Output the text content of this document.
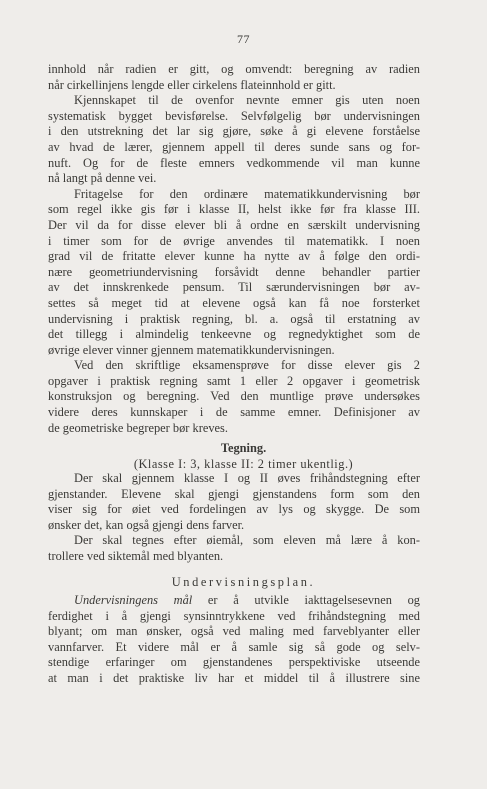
77
innhold når radien er gitt, og omvendt: beregning av radien
når cirkellinjens lengde eller cirkelens flateinnhold er gitt.
Kjennskapet til de ovenfor nevnte emner gis uten noen
systematisk bygget bevisførelse. Selvfølgelig bør undervisningen
i den utstrekning det lar sig gjøre, søke å gi elevene forståelse
av hvad de lærer, gjennem appell til deres sunde sans og for-
nuft. Og for de fleste emners vedkommende vil man kunne
nå langt på denne vei.
Fritagelse for den ordinære matematikkundervisning bør
som regel ikke gis før i klasse II, helst ikke før fra klasse III.
Der vil da for disse elever bli å ordne en særskilt undervisning
i timer som for de øvrige anvendes til matematikk. I noen
grad vil de fritatte elever kunne ha nytte av å følge den ordi-
nære geometriundervisning forsåvidt denne behandler partier
av det innskrenkede pensum. Til særundervisningen bør av-
settes så meget tid at elevene også kan få noe forsterket
undervisning i praktisk regning, bl. a. også til erstatning av
det tillegg i almindelig tenkeevne og regnedyktighet som de
øvrige elever vinner gjennem matematikkundervisningen.
Ved den skriftlige eksamensprøve for disse elever gis 2
opgaver i praktisk regning samt 1 eller 2 opgaver i geometrisk
konstruksjon og beregning. Ved den muntlige prøve undersøkes
videre deres kunnskaper i de samme emner. Definisjoner av
de geometriske begreper bør kreves.
Tegning.
(Klasse I: 3, klasse II: 2 timer ukentlig.)
Der skal gjennem klasse I og II øves frihåndstegning efter
gjenstander. Elevene skal gjengi gjenstandens form som den
viser sig for øiet ved fordelingen av lys og skygge. De som
ønsker det, kan også gjengi dens farver.
Der skal tegnes efter øiemål, som eleven må lære å kon-
trollere ved siktemål med blyanten.
Undervisningsplan.
Undervisningens mål er å utvikle iakttagelsesevnen og
ferdighet i å gjengi synsinntrykkene ved frihåndstegning med
blyant; om man ønsker, også ved maling med farveblyanter eller
vannfarver. Et videre mål er å samle sig så gode og selv-
stendige erfaringer om gjenstandenes perspektiviske utseende
at man i det praktiske liv har et middel til å illustrere sine
